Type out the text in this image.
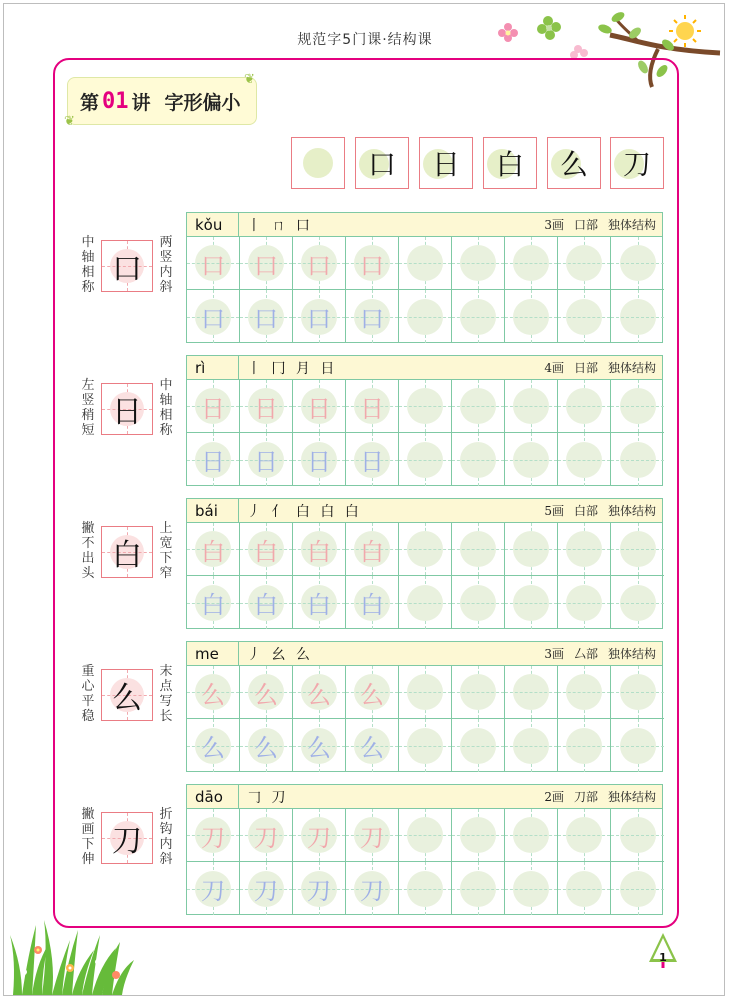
规范字5门课·结构课
第 01 讲 字形偏小
❦
❦
口 日 白 么 刀
中轴相称
两竖内斜
口
kǒu	丨 ㄇ 口	3画 口部 独体结构
口 口 口 口
口 口 口 口
左竖稍短
中轴相称
日
rì	丨 冂 月 日	4画 日部 独体结构
日 日 日 日
日 日 日 日
撇不出头
上宽下窄
白
bái	丿 亻 白 白 白	5画 白部 独体结构
白 白 白 白
白 白 白 白
重心平稳
末点写长
么
me	丿 幺 么	3画 厶部 独体结构
么 么 么 么
么 么 么 么
撇画下伸
折钩内斜
刀
dāo	𠃌 刀	2画 刀部 独体结构
刀 刀 刀 刀
刀 刀 刀 刀
1
